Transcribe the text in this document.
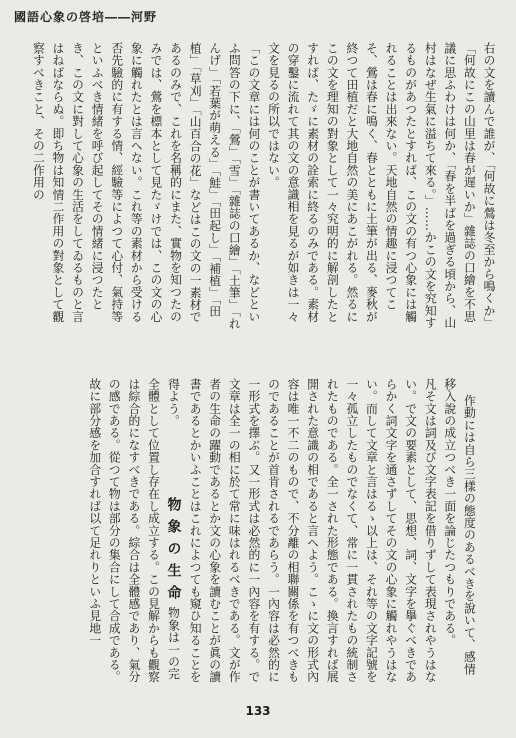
國語心象の啓培――河野
右の文を讀んで誰が、「何故に鶯は冬至から鳴くか」「何故にこの山里は春が遅いか」雜誌の口繪を不思議に思ふわけは何か、「春を半ばを過ぎる頃から、山村はなぜ生氣に溢ちて來る。」……かこの文を究知するものがあつたとすれば、この文の有つ心象には觸れることは出來ない。天地自然の情趣に浸つてこそ、鶯は春に鳴く、春とともに土筆が出る、麥秋が終つて田植だと大地自然の美にあこがれる。然るにこの文を理知の對象として一々究明的に解剖したとすれば、たゞに素材の詮索に終るのみである。素材の穿鑿に流れて其の文の意識相を見るが如きは一々文を見るの所以ではない。
「この文章には何のことが書いてあるか、などといふ問答の下に、「鶯」「雪」「雜誌の口繪」「土筆」「れんげ」「若葉が萌える」「鮭」「田起し」「補植」「田植」「草刈」「山百合の花」などはこの文の一素材であるのみで、これを名稱的にまた、實物を知つたのみでは、鶯を標本として見たゞけでは、この文の心象に觸れたとは言へない。これ等の素材から受ける否先驗的に有する情、經驗等によつて心付、氣持等といふべき情緒を呼び起してその情緒に浸つたとき、この文に對して心象の生活をしてゐるものと言はねばならぬ。即ち物は知情二作用の對象として觀察すべきこと、その二作用の

作動には自ら三樣の態度のあるべきを說いて、感情移入說の成立つべき一面を論じたつもりである。
凡そ文は詞及び文字表記を借りずして表現されやうはない。で文の要素として、思想、詞、文字を擧ぐべきであらかく詞文字を通さずしてその文の心象に觸れやうはない。而して文章と言はるゝ以上は、それ等の文字記號を一々孤立したものでなくて、常に一貫されたもの統制されたものである。全一された形態である。換言すれば展開された意識の相であると言へよう。こゝに文の形式內容は唯一不二のもので、不分離の相聯關係を有つべきものであることが首肯されるであらう。一內容は必然的に一形式を擇ぶ。又一形式は必然的に一內容を有する。で文章は全一の相に於て常に味はれるべきである。文が作者の生命の躍動であるとか文の心象を讀むことが眞の讀書であるとかいふことはこれによつても窺ひ知ることを得よう。物象の生命物象は一の完全體として位置し存在し成立する。この見解からも觀察は綜合的になすべきである。綜合は全體感であり、氣分の感である。從つて物は部分の集合にして合成である。故に部分感を加合すれば以て足れりといふ見地一

133
